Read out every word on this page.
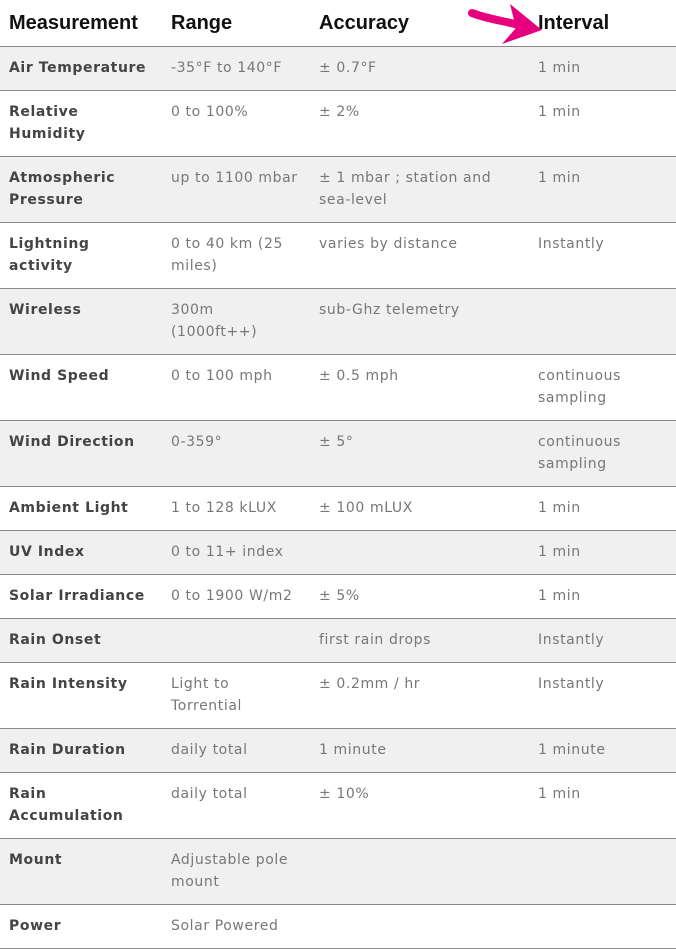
Measurement	Range	Accuracy	Interval
Air Temperature	-35°F to 140°F	± 0.7°F	1 min
Relative Humidity	0 to 100%	± 2%	1 min
Atmospheric Pressure	up to 1100 mbar	± 1 mbar ; station and sea-level	1 min
Lightning activity	0 to 40 km (25 miles)	varies by distance	Instantly
Wireless	300m (1000ft++)	sub-Ghz telemetry	
Wind Speed	0 to 100 mph	± 0.5 mph	continuous sampling
Wind Direction	0-359°	± 5°	continuous sampling
Ambient Light	1 to 128 kLUX	± 100 mLUX	1 min
UV Index	0 to 11+ index		1 min
Solar Irradiance	0 to 1900 W/m2	± 5%	1 min
Rain Onset		first rain drops	Instantly
Rain Intensity	Light to Torrential	± 0.2mm / hr	Instantly
Rain Duration	daily total	1 minute	1 minute
Rain Accumulation	daily total	± 10%	1 min
Mount	Adjustable pole mount		
Power	Solar Powered		
